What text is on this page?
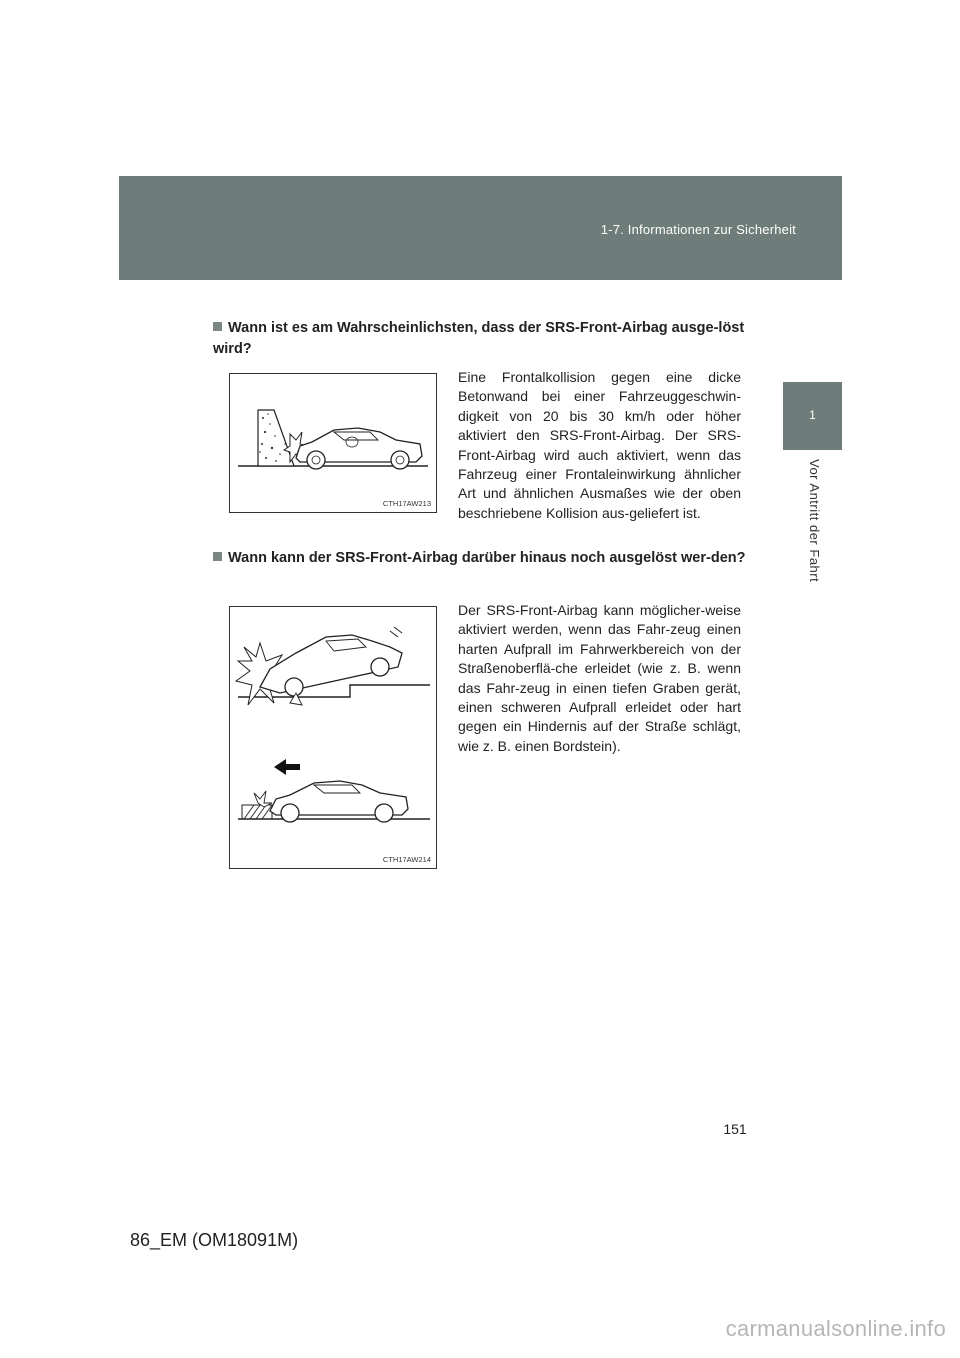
1-7. Informationen zur Sicherheit
1
Vor Antritt der Fahrt
Wann ist es am Wahrscheinlichsten, dass der SRS-Front-Airbag ausge-löst wird?
CTH17AW213
Eine Frontalkollision gegen eine dicke Betonwand bei einer Fahrzeuggeschwin-digkeit von 20 bis 30 km/h oder höher aktiviert den SRS-Front-Airbag. Der SRS-Front-Airbag wird auch aktiviert, wenn das Fahrzeug einer Frontaleinwirkung ähnlicher Art und ähnlichen Ausmaßes wie der oben beschriebene Kollision aus-geliefert ist.
Wann kann der SRS-Front-Airbag darüber hinaus noch ausgelöst wer-den?
CTH17AW214
Der SRS-Front-Airbag kann möglicher-weise aktiviert werden, wenn das Fahr-zeug einen harten Aufprall im Fahrwerkbereich von der Straßenoberflä-che erleidet (wie z. B. wenn das Fahr-zeug in einen tiefen Graben gerät, einen schweren Aufprall erleidet oder hart gegen ein Hindernis auf der Straße schlägt, wie z. B. einen Bordstein).
151
86_EM (OM18091M)
carmanualsonline.info
